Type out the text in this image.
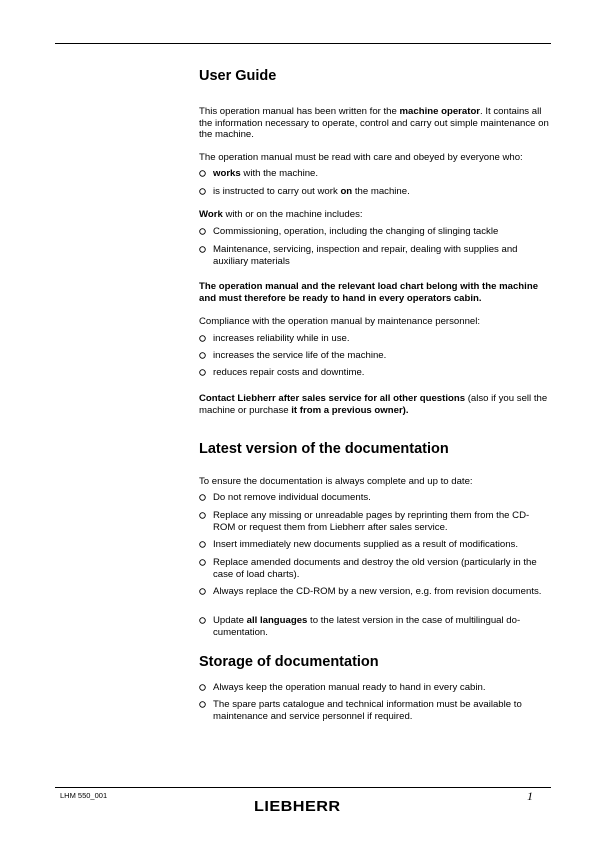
User Guide
This operation manual has been written for the machine operator. It contains all the information necessary to operate, control and carry out simple maintenance on the machine.
The operation manual must be read with care and obeyed by everyone who:
works with the machine.
is instructed to carry out work on the machine.
Work with or on the machine includes:
Commissioning, operation, including the changing of slinging tackle
Maintenance, servicing, inspection and repair, dealing with supplies and auxiliary materials
The operation manual and the relevant load chart belong with the machine and must therefore be ready to hand in every operators cabin.
Compliance with the operation manual by maintenance personnel:
increases reliability while in use.
increases the service life of the machine.
reduces repair costs and downtime.
Contact Liebherr after sales service for all other questions (also if you sell the machine or purchase it from a previous owner).
Latest version of the documentation
To ensure the documentation is always complete and up to date:
Do not remove individual documents.
Replace any missing or unreadable pages by reprinting them from the CD-ROM or request them from Liebherr after sales service.
Insert immediately new documents supplied as a result of modifications.
Replace amended documents and destroy the old version (particularly in the case of load charts).
Always replace the CD-ROM by a new version, e.g. from revision documents.
Update all languages to the latest version in the case of multilingual documentation.
Storage of documentation
Always keep the operation manual ready to hand in every cabin.
The spare parts catalogue and technical information must be available to maintenance and service personnel if required.
LHM 550_001	1
LIEBHERR
